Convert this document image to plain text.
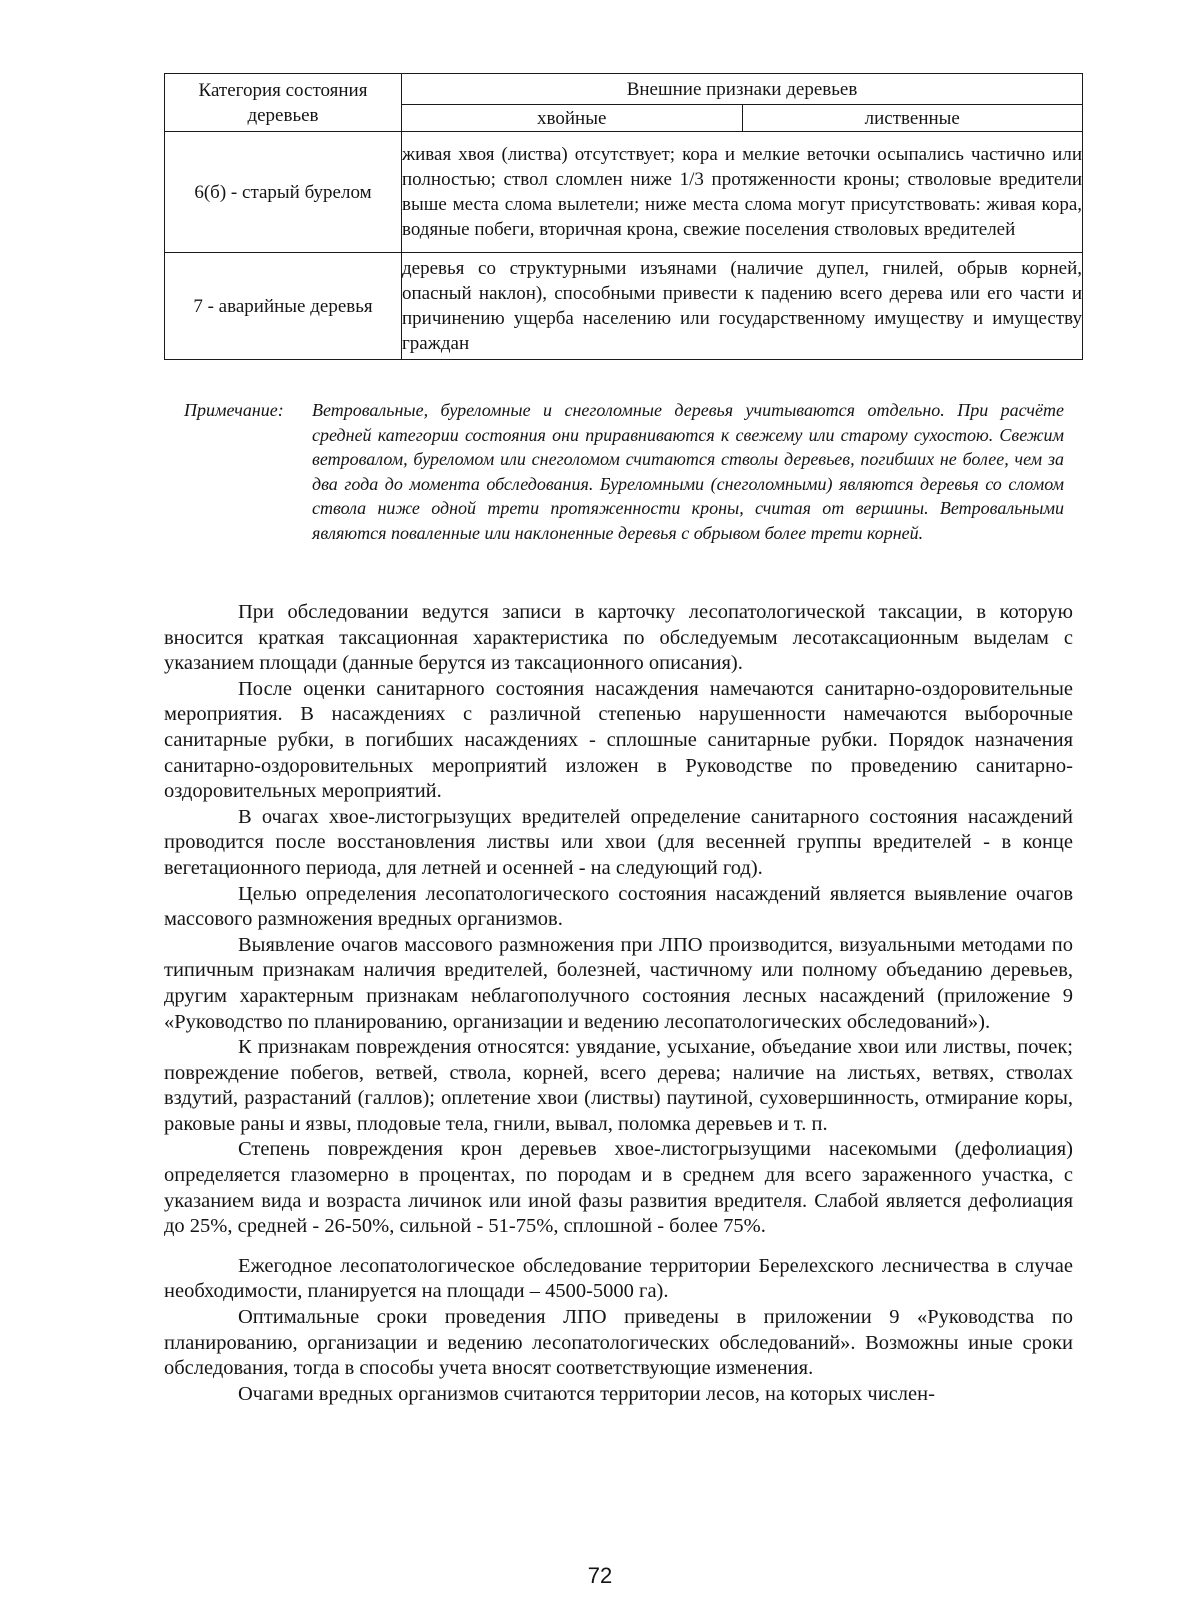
Категория состояния деревьев	Внешние признаки деревьев	
	хвойные	лиственные
6(б) - старый бурелом	живая хвоя (листва) отсутствует; кора и мелкие веточки осыпались частично или полностью; ствол сломлен ниже 1/3 протяженности кроны; стволовые вредители выше места слома вылетели; ниже места слома могут присутствовать: живая кора, водяные побеги, вторичная крона, свежие поселения стволовых вредителей	
7 - аварийные деревья	деревья со структурными изъянами (наличие дупел, гнилей, обрыв корней, опасный наклон), способными привести к падению всего дерева или его части и причинению ущерба населению или государственному имуществу и имуществу граждан	
Примечание: Ветровальные, буреломные и снеголомные деревья учитываются отдельно. При расчёте средней категории состояния они приравниваются к свежему или старому сухостою. Свежим ветровалом, буреломом или снеголомом считаются стволы деревьев, погибших не более, чем за два года до момента обследования. Буреломными (снеголомными) являются деревья со сломом ствола ниже одной трети протяженности кроны, считая от вершины. Ветровальными являются поваленные или наклоненные деревья с обрывом более трети корней.

При обследовании ведутся записи в карточку лесопатологической таксации, в которую вносится краткая таксационная характеристика по обследуемым лесотаксационным выделам с указанием площади (данные берутся из таксационного описания).

После оценки санитарного состояния насаждения намечаются санитарно-оздоровительные мероприятия. В насаждениях с различной степенью нарушенности намечаются выборочные санитарные рубки, в погибших насаждениях - сплошные санитарные рубки. Порядок назначения санитарно-оздоровительных мероприятий изложен в Руководстве по проведению санитарно-оздоровительных мероприятий.

В очагах хвое-листогрызущих вредителей определение санитарного состояния насаждений проводится после восстановления листвы или хвои (для весенней группы вредителей - в конце вегетационного периода, для летней и осенней - на следующий год).

Целью определения лесопатологического состояния насаждений является выявление очагов массового размножения вредных организмов.

Выявление очагов массового размножения при ЛПО производится, визуальными методами по типичным признакам наличия вредителей, болезней, частичному или полному объеданию деревьев, другим характерным признакам неблагополучного состояния лесных насаждений (приложение 9 «Руководство по планированию, организации и ведению лесопатологических обследований»).

К признакам повреждения относятся: увядание, усыхание, объедание хвои или листвы, почек; повреждение побегов, ветвей, ствола, корней, всего дерева; наличие на листьях, ветвях, стволах вздутий, разрастаний (галлов); оплетение хвои (листвы) паутиной, суховершинность, отмирание коры, раковые раны и язвы, плодовые тела, гнили, вывал, поломка деревьев и т. п.

Степень повреждения крон деревьев хвое-листогрызущими насекомыми (дефолиация) определяется глазомерно в процентах, по породам и в среднем для всего зараженного участка, с указанием вида и возраста личинок или иной фазы развития вредителя. Слабой является дефолиация до 25%, средней - 26-50%, сильной - 51-75%, сплошной - более 75%.

Ежегодное лесопатологическое обследование территории Берелехского лесничества в случае необходимости, планируется на площади – 4500-5000 га).

Оптимальные сроки проведения ЛПО приведены в приложении 9 «Руководства по планированию, организации и ведению лесопатологических обследований». Возможны иные сроки обследования, тогда в способы учета вносят соответствующие изменения.

Очагами вредных организмов считаются территории лесов, на которых числен-

72
